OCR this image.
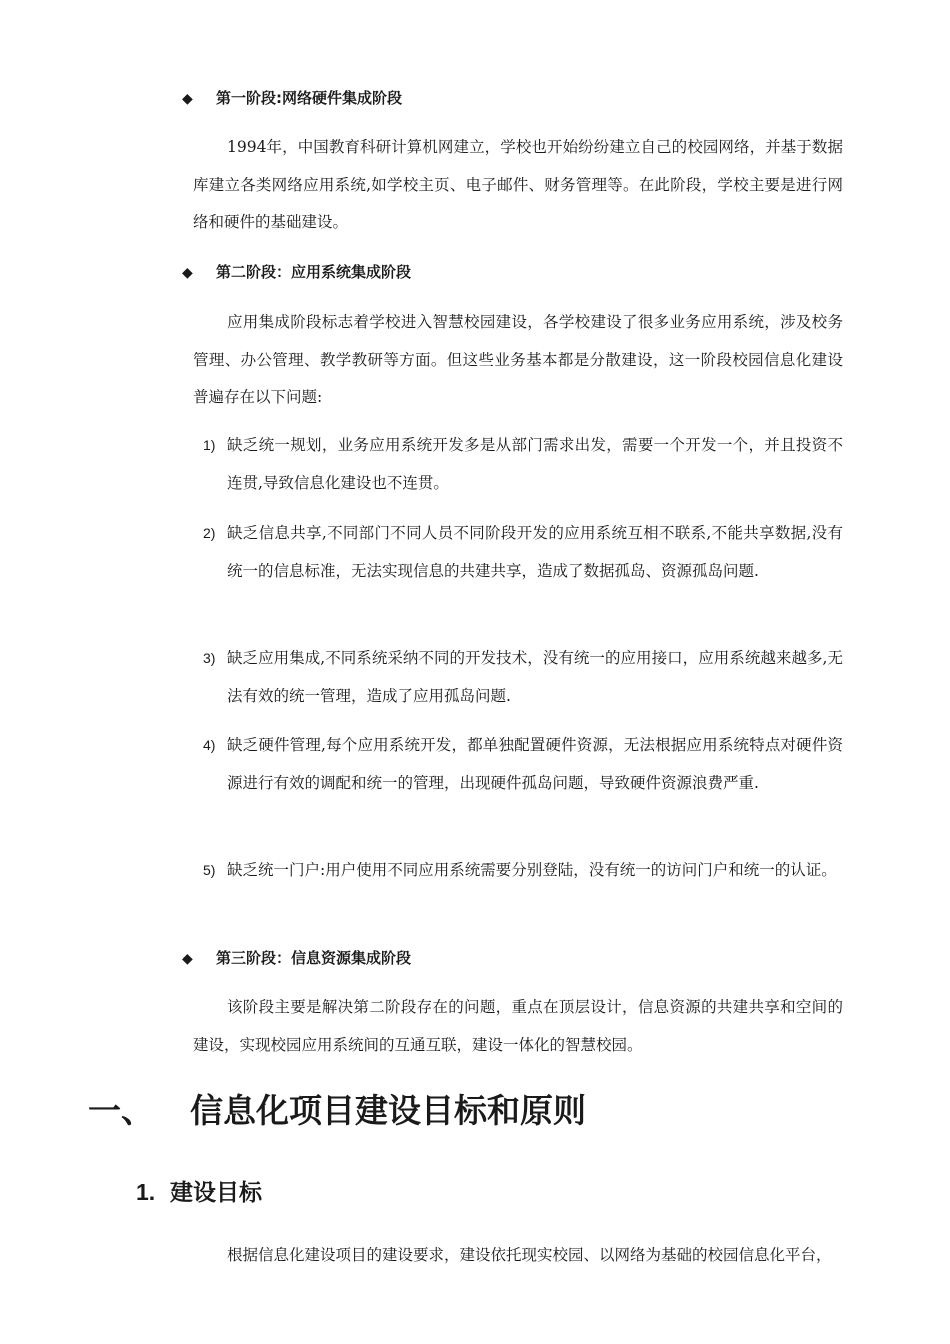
◆ 第一阶段:网络硬件集成阶段
1994年，中国教育科研计算机网建立，学校也开始纷纷建立自己的校园网络，并基于数据库建立各类网络应用系统,如学校主页、电子邮件、财务管理等。在此阶段，学校主要是进行网络和硬件的基础建设。
◆ 第二阶段：应用系统集成阶段
应用集成阶段标志着学校进入智慧校园建设，各学校建设了很多业务应用系统，涉及校务管理、办公管理、教学教研等方面。但这些业务基本都是分散建设，这一阶段校园信息化建设普遍存在以下问题:
1) 缺乏统一规划，业务应用系统开发多是从部门需求出发，需要一个开发一个，并且投资不连贯,导致信息化建设也不连贯。
2) 缺乏信息共享,不同部门不同人员不同阶段开发的应用系统互相不联系,不能共享数据,没有统一的信息标准，无法实现信息的共建共享，造成了数据孤岛、资源孤岛问题.
3) 缺乏应用集成,不同系统采纳不同的开发技术，没有统一的应用接口，应用系统越来越多,无法有效的统一管理，造成了应用孤岛问题.
4) 缺乏硬件管理,每个应用系统开发，都单独配置硬件资源，无法根据应用系统特点对硬件资源进行有效的调配和统一的管理，出现硬件孤岛问题，导致硬件资源浪费严重.
5) 缺乏统一门户:用户使用不同应用系统需要分别登陆，没有统一的访问门户和统一的认证。
◆ 第三阶段：信息资源集成阶段
该阶段主要是解决第二阶段存在的问题，重点在顶层设计，信息资源的共建共享和空间的建设，实现校园应用系统间的互通互联，建设一体化的智慧校园。
一、 信息化项目建设目标和原则
1. 建设目标
根据信息化建设项目的建设要求，建设依托现实校园、以网络为基础的校园信息化平台，
